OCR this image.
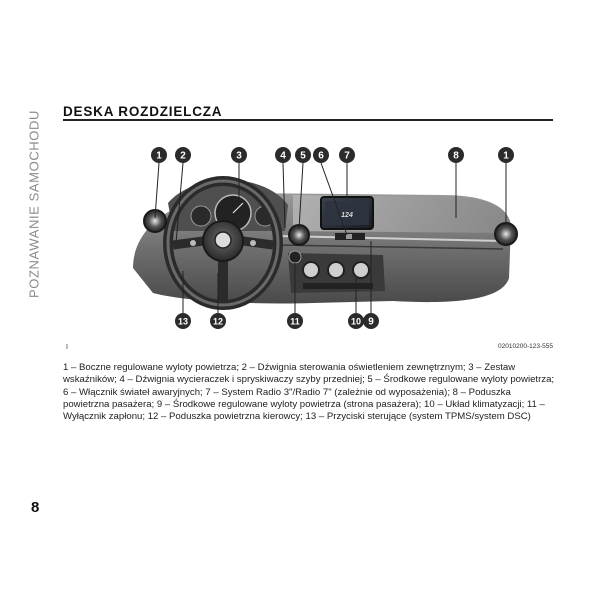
POZNAWANIE SAMOCHODU DESKA ROZDZIELCZA
124
1 2	3	4 5 6 7	8	1
13	12	11	10 9
I	02010200-123-555
1 – Boczne regulowane wyloty powietrza; 2 – Dźwignia sterowania oświetleniem zewnętrznym; 3 – Zestaw wskaźników; 4 – Dźwignia wycieraczek i spryskiwaczy szyby przedniej; 5 – Środkowe regulowane wyloty powietrza; 6 – Włącznik świateł awaryjnych; 7 – System Radio 3"/Radio 7" (zależnie od wyposażenia); 8 – Poduszka powietrzna pasażera; 9 – Środkowe regulowane wyloty powietrza (strona pasażera); 10 – Układ klimatyzacji; 11 – Wyłącznik zapłonu; 12 – Poduszka powietrzna kierowcy; 13 – Przyciski sterujące (system TPMS/system DSC)
8
